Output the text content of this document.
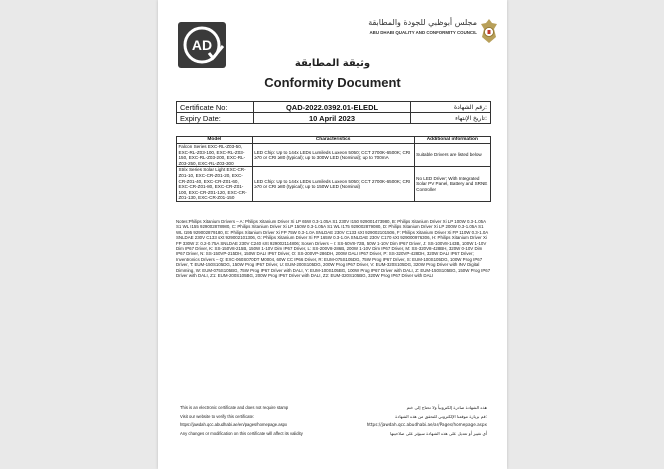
AD
مجلس أبوظبي للجودة والمطابقة
ABU DHABI QUALITY AND CONFORMITY COUNCIL
وثيقة المطابقة
Conformity Document
Certificate No:	QAD-2022.0392.01-ELEDL	رقم الشهادة:
Expiry Date:	10 April 2023	تاريخ الإنتهاء:
Model	Characteristics	Additional information
Falcon Series EXC-RL-Z03-50, EXC-RL-Z03-100, EXC-RL-Z03-150, EXC-RL-Z03-200, EXC-RL-Z03-250, EXC-RL-Z03-300	LED Chip: Up to 144x LEDs Lumileds Luxeon 5050; CCT 2700K-6500K; CRI ≥70 or CRI ≥80 (typical); up to 300W LED (Nominal); up to 700mA	Suitable Drivers are listed below
Strix Series Solar Light EXC-CR-Z01-10, EXC-CR-Z01-20, EXC-CR-Z01-40, EXC-CR-Z01-60, EXC-CR-Z01-80, EXC-CR-Z01-100, EXC-CR-Z01-120, EXC-CR-Z01-130, EXC-CR-Z01-150	LED Chip: Up to 144x LEDs Lumileds Luxeon 5050; CCT 2700K-6500K; CRI ≥70 or CRI ≥80 (typical); up to 150W LED (Nominal)	No LED Driver; With Integrated Solar PV Panel, Battery and SRNE Controller
Notes:Philips Xitanium Drivers – A: Philips Xitanium Driver Xi LP 65W 0.3-1.05A S1 230V I150 929001473980, B: Philips Xitanium Driver Xi LP 100W 0.3-1.05A S1 WL I155 929002878980, C: Philips Xitanium Driver Xi LP 150W 0.3-1.05A S1 WL I175 929002879080, D: Philips Xitanium Driver Xi LP 200W 0.3-1.05A S1 WL I195 929002879180, E: Philips Xitanium Driver Xi FP 75W 0.3-1.0A SNLDAE 230V C133 sXt 929002101506, F: Philips Xitanium Driver Xi FP 110W 0.3-1.0A SNLDAE 230V C133 sXt 929002101306, G: Philips Xitanium Driver Xi FP 165W 0.3-1.0A SNLDAE 230V C170 sXt 929000976306, H: Philips Xitanium Driver Xi FP 330W 2: 0.2-0.75A SNLDAE 230V C240 sXt 929002114806; Sosen Drivers – I: SS-50V8-72B, 50W 1-10V Dim IP67 Driver, J: SS-100V8-143B, 100W 1-10V Dim IP67 Driver, K: SS-150V8-215B, 150W 1-10V Dim IP67 Driver, L: SS-200V8-286B, 200W 1-10V Dim IP67 Driver, M: SS-320V8-428BH, 320W 0-10V Dim IP67 Driver, N: SS-150VP-215DH, 150W DALI IP67 Driver, O: SS-200VP-286DH, 200W DALI IP67 Driver, P: SS-320VP-428DH, 320W DALI IP67 Driver; Inventronics Drivers – Q: EXC-060S070DT M0004, 60W CC IP66 Driver, R: EUM-075S105DG, 75W Prog IP67 Driver, S: EUM-100S105DG, 100W Prog IP67 Driver, T: EUM-150S105DG, 150W Prog IP67 Driver, U: EUM-200S105DG, 200W Prog IP67 Driver, V: EUM-320S105DG, 320W Prog Driver with INV Digital Dimming, W: EUM-075S105BG, 75W Prog IP67 Driver with DALI, Y: EUM-100S105BG, 100W Prog IP67 Driver with DALI, Z: EUM-150S105BG, 150W Prog IP67 Driver with DALI, Z1: EUM-200S105BG, 200W Prog IP67 Driver with DALI, Z2: EUM-320S105BG, 320W Prog IP67 Driver with DALI
This is an electronic certificate and does not require stamp	هذه الشهادة صادرة إلكترونياً ولا تحتاج إلى ختم
Visit our website to verify this certificate:	قم بزيارة موقعنا الإلكتروني للتحقق من هذه الشهادة:
https://jawdah.qcc.abudhabi.ae/en/pages/homepage.aspx	https://jawdah.qcc.abudhabi.ae/ar/Pages/homepage.aspx
Any changes or modification on this certificate will affect its validity	أي تغيير أو تعديل على هذه الشهادة سيؤثر على صلاحيتها
